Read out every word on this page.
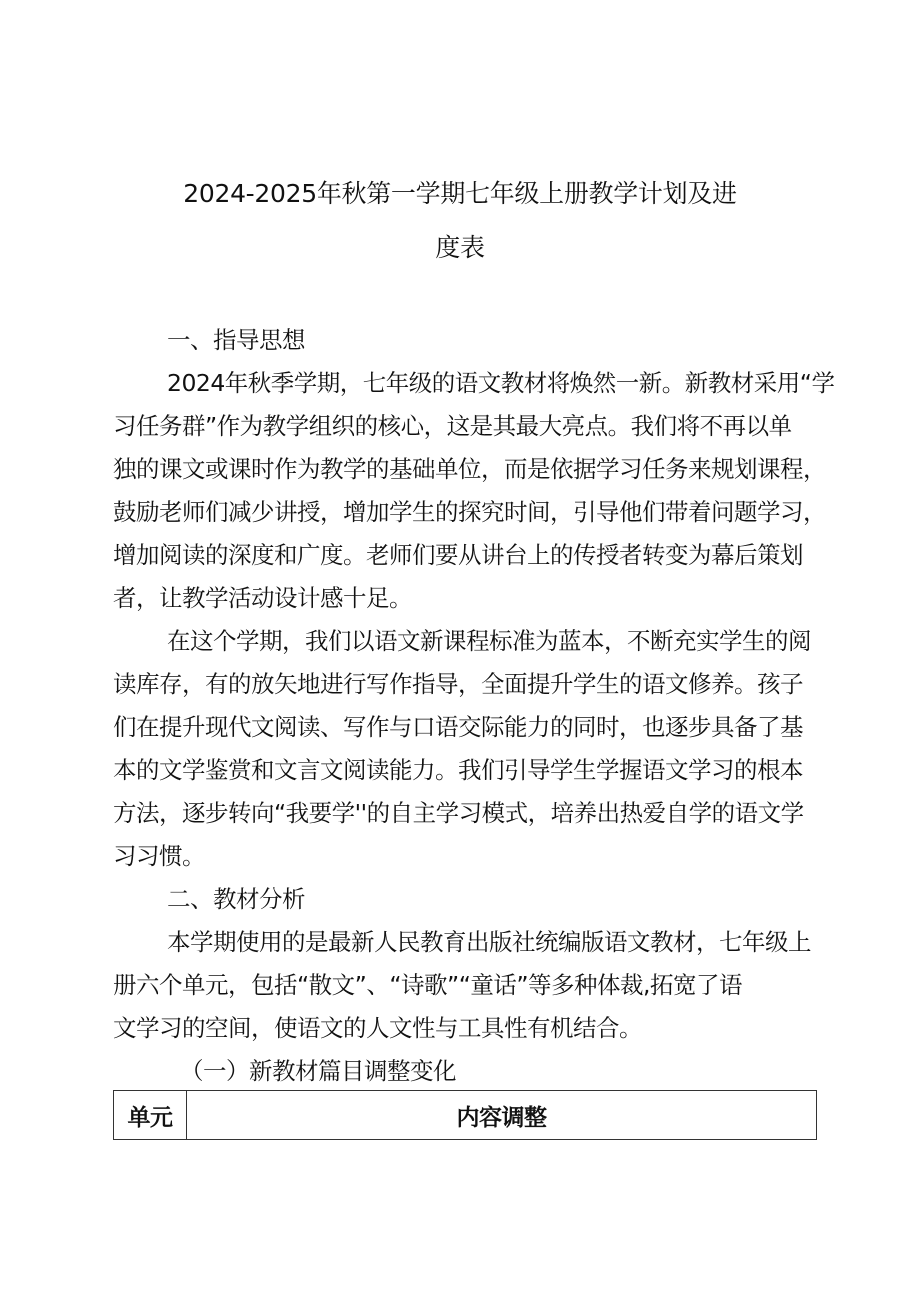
2024-2025年秋第一学期七年级上册教学计划及进
度表
一、指导思想
2024年秋季学期，七年级的语文教材将焕然一新。新教材采用“学
习任务群”作为教学组织的核心，这是其最大亮点。我们将不再以单
独的课文或课时作为教学的基础单位，而是依据学习任务来规划课程，
鼓励老师们减少讲授，增加学生的探究时间，引导他们带着问题学习，
增加阅读的深度和广度。老师们要从讲台上的传授者转变为幕后策划
者，让教学活动设计感十足。
在这个学期，我们以语文新课程标准为蓝本，不断充实学生的阅
读库存，有的放矢地进行写作指导，全面提升学生的语文修养。孩子
们在提升现代文阅读、写作与口语交际能力的同时，也逐步具备了基
本的文学鉴赏和文言文阅读能力。我们引导学生学握语文学习的根本
方法，逐步转向“我要学''的自主学习模式，培养出热爱自学的语文学
习习惯。
二、教材分析
本学期使用的是最新人民教育出版社统编版语文教材，七年级上
册六个单元，包括“散文”、“诗歌”“童话”等多种体裁,拓宽了语
文学习的空间，使语文的人文性与工具性有机结合。
（一）新教材篇目调整变化
单元	内容调整
